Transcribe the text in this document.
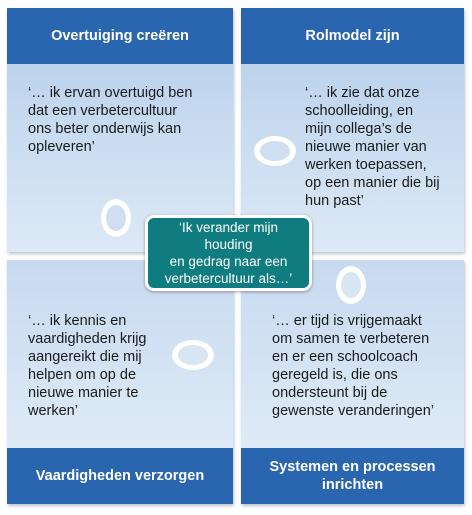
Overtuiging creëren	Rolmodel zijn
Vaardigheden verzorgen
Systemen en processen
inrichten
‘… ik ervan overtuigd ben
dat een verbetercultuur
ons beter onderwijs kan
opleveren’
‘… ik zie dat onze
schoolleiding, en
mijn collega’s de
nieuwe manier van
werken toepassen,
op een manier die bij
hun past’
‘… ik kennis en
vaardigheden krijg
aangereikt die mij
helpen om op de
nieuwe manier te
werken’
‘… er tijd is vrijgemaakt
om samen te verbeteren
en er een schoolcoach
geregeld is, die ons
ondersteunt bij de
gewenste veranderingen’
‘Ik verander mijn houding
en gedrag naar een
verbetercultuur als…’
